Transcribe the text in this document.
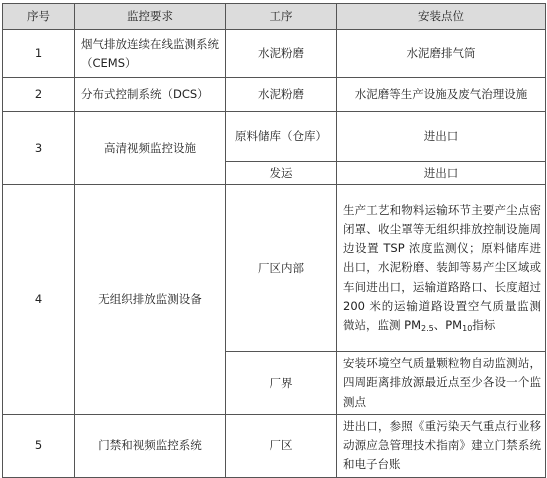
序号	监控要求	工序	安装点位
1	烟气排放连续在线监测系统（CEMS）	水泥粉磨	水泥磨排气筒
2	分布式控制系统（DCS）	水泥粉磨	水泥磨等生产设施及废气治理设施
3	高清视频监控设施	原料储库（仓库）	进出口
		发运	进出口
4	无组织排放监测设备	厂区内部	生产工艺和物料运输环节主要产尘点密闭罩、收尘罩等无组织排放控制设施周边设置 TSP 浓度监测仪；原料储库进出口，水泥粉磨、装卸等易产尘区域或车间进出口，运输道路路口、长度超过 200 米的运输道路设置空气质量监测微站，监测 $PM_{2.5}$、$PM_{10}$指标
		厂界	安装环境空气质量颗粒物自动监测站，四周距离排放源最近点至少各设一个监测点
5	门禁和视频监控系统	厂区	进出口，参照《重污染天气重点行业移动源应急管理技术指南》建立门禁系统和电子台账
